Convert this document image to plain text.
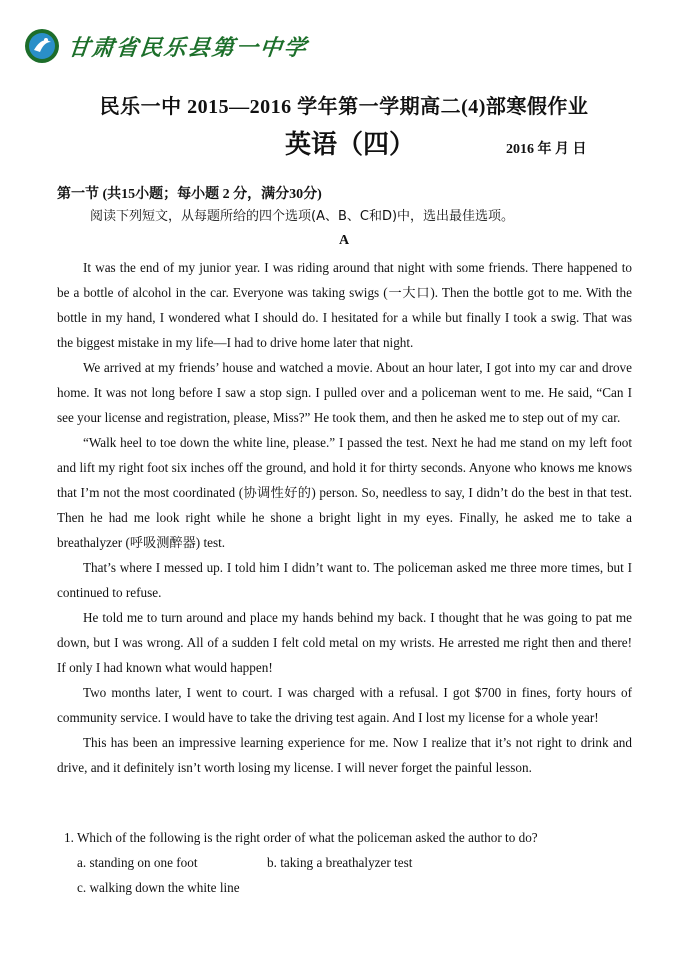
甘肃省民乐县第一中学
民乐一中 2015—2016 学年第一学期高二(4)部寒假作业
英语（四）	2016 年 月 日
第一节 (共15小题；每小题 2 分，满分30分)
阅读下列短文，从每题所给的四个选项(A、B、C和D)中，选出最佳选项。
A

It was the end of my junior year. I was riding around that night with some friends. There happened to be a bottle of alcohol in the car. Everyone was taking swigs (一大口). Then the bottle got to me. With the bottle in my hand, I wondered what I should do. I hesitated for a while but finally I took a swig. That was the biggest mistake in my life—I had to drive home later that night.

We arrived at my friends’ house and watched a movie. About an hour later, I got into my car and drove home. It was not long before I saw a stop sign. I pulled over and a policeman went to me. He said, “Can I see your license and registration, please, Miss?” He took them, and then he asked me to step out of my car.

“Walk heel to toe down the white line, please.” I passed the test. Next he had me stand on my left foot and lift my right foot six inches off the ground, and hold it for thirty seconds. Anyone who knows me knows that I’m not the most coordinated (协调性好的) person. So, needless to say, I didn’t do the best in that test. Then he had me look right while he shone a bright light in my eyes. Finally, he asked me to take a breathalyzer (呼吸测醉器) test.

That’s where I messed up. I told him I didn’t want to. The policeman asked me three more times, but I continued to refuse.

He told me to turn around and place my hands behind my back. I thought that he was going to pat me down, but I was wrong. All of a sudden I felt cold metal on my wrists. He arrested me right then and there! If only I had known what would happen!

Two months later, I went to court. I was charged with a refusal. I got $700 in fines, forty hours of community service. I would have to take the driving test again. And I lost my license for a whole year!

This has been an impressive learning experience for me. Now I realize that it’s not right to drink and drive, and it definitely isn’t worth losing my license. I will never forget the painful lesson.

1. Which of the following is the right order of what the policeman asked the author to do?
a. standing on one foot	b. taking a breathalyzer test
c. walking down the white line
